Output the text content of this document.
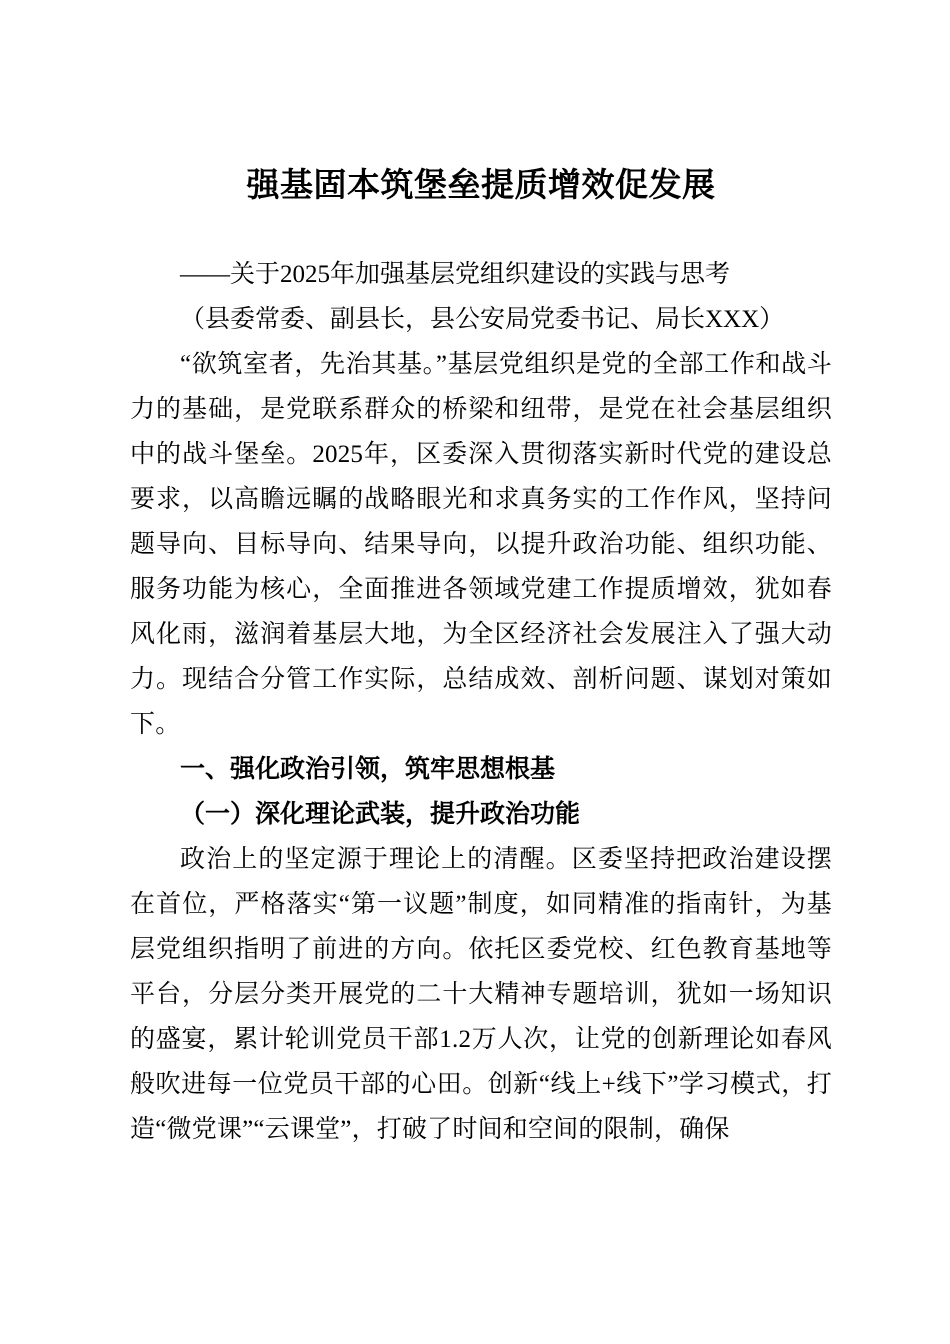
强基固本筑堡垒提质增效促发展

——关于2025年加强基层党组织建设的实践与思考

（县委常委、副县长，县公安局党委书记、局长XXX）

“欲筑室者，先治其基。”基层党组织是党的全部工作和战斗力的基础，是党联系群众的桥梁和纽带，是党在社会基层组织中的战斗堡垒。2025年，区委深入贯彻落实新时代党的建设总要求，以高瞻远瞩的战略眼光和求真务实的工作作风，坚持问题导向、目标导向、结果导向，以提升政治功能、组织功能、服务功能为核心，全面推进各领域党建工作提质增效，犹如春风化雨，滋润着基层大地，为全区经济社会发展注入了强大动力。现结合分管工作实际，总结成效、剖析问题、谋划对策如下。

一、强化政治引领，筑牢思想根基
（一）深化理论武装，提升政治功能

政治上的坚定源于理论上的清醒。区委坚持把政治建设摆在首位，严格落实“第一议题”制度，如同精准的指南针，为基层党组织指明了前进的方向。依托区委党校、红色教育基地等平台，分层分类开展党的二十大精神专题培训，犹如一场知识的盛宴，累计轮训党员干部1.2万人次，让党的创新理论如春风般吹进每一位党员干部的心田。创新“线上+线下”学习模式，打造“微党课”“云课堂”，打破了时间和空间的限制，确保
